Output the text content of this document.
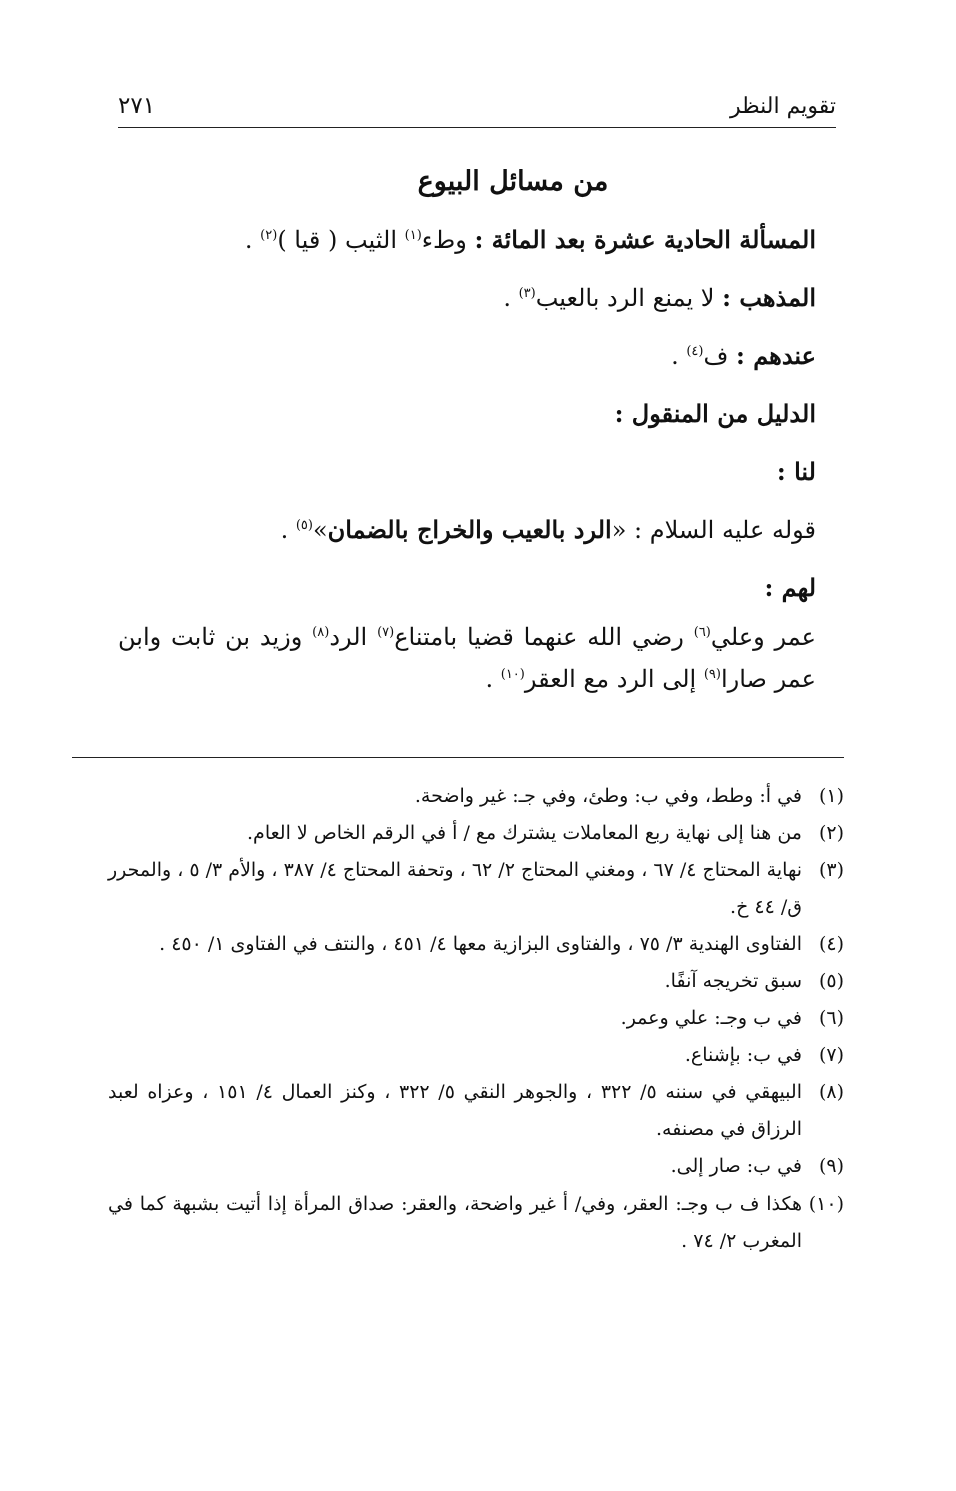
تقويم النظر
٢٧١
من مسائل البيوع

المسألة الحادية عشرة بعد المائة : وطء$^{(١)}$ الثيب ( قيا )$^{(٢)}$ .

المذهب : لا يمنع الرد بالعيب$^{(٣)}$ .

عندهم : ف$^{(٤)}$ .

الدليل من المنقول :

لنا :

قوله عليه السلام : «الرد بالعيب والخراج بالضمان»$^{(٥)}$ .

لهم :

عمر وعلي$^{(٦)}$ رضي الله عنهما قضيا بامتناع$^{(٧)}$ الرد$^{(٨)}$ وزيد بن ثابت وابن عمر صارا$^{(٩)}$ إلى الرد مع العقر$^{(١٠)}$ .

(١)
في أ: وطط، وفي ب: وطئ، وفي جـ: غير واضحة.
(٢)
من هنا إلى نهاية ربع المعاملات يشترك مع / أ في الرقم الخاص لا العام.
(٣)
نهاية المحتاج ٤/ ٦٧ ، ومغني المحتاج ٢/ ٦٢ ، وتحفة المحتاج ٤/ ٣٨٧ ، والأم ٣/ ٥ ، والمحرر ق/ ٤٤ خ.
(٤)
الفتاوى الهندية ٣/ ٧٥ ، والفتاوى البزازية معها ٤/ ٤٥١ ، والنتف في الفتاوى ١/ ٤٥٠ .
(٥)
سبق تخريجه آنفًا.
(٦)
في ب وجـ: علي وعمر.
(٧)
في ب: بإشناع.
(٨)
البيهقي في سننه ٥/ ٣٢٢ ، والجوهر النقي ٥/ ٣٢٢ ، وكنز العمال ٤/ ١٥١ ، وعزاه لعبد الرزاق في مصنفه.
(٩)
في ب: صار إلى.
(١٠)
هكذا ف ب وجـ: العقر، وفي/ أ غير واضحة، والعقر: صداق المرأة إذا أتيت بشبهة كما في المغرب ٢/ ٧٤ .
